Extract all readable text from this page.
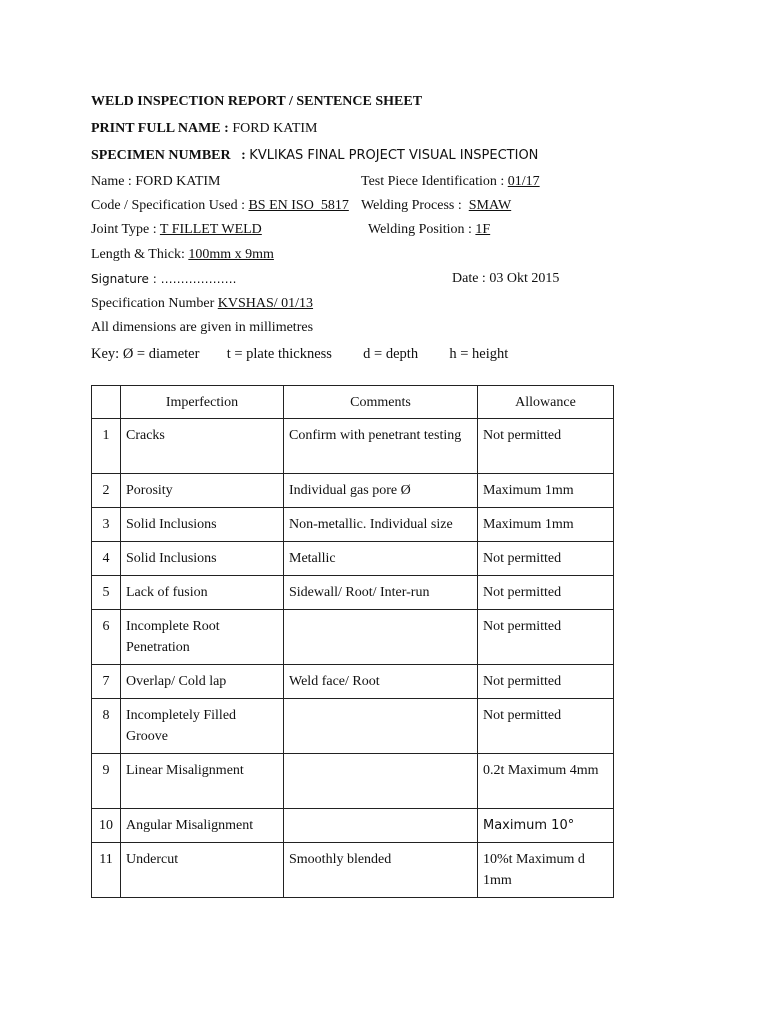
WELD INSPECTION REPORT / SENTENCE SHEET
PRINT FULL NAME : FORD KATIM
SPECIMEN NUMBER : KVLIKAS FINAL PROJECT VISUAL INSPECTION
Name : FORD KATIM	Test Piece Identification : 01/17
Code / Specification Used : BS EN ISO  5817 Welding Process : SMAW
Joint Type : T FILLET WELD	Welding Position : 1F
Length & Thick: 100mm x 9mm
Signature : ……………….	Date : 03 Okt 2015
Specification Number KVSHAS/ 01/13
All dimensions are given in millimetres
Key: Ø = diameter t = plate thickness d = depth h = height
	Imperfection	Comments	Allowance
1	Cracks	Confirm with penetrant testing	Not permitted
2	Porosity	Individual gas pore Ø	Maximum 1mm
3	Solid Inclusions	Non-metallic. Individual size	Maximum 1mm
4	Solid Inclusions	Metallic	Not permitted
5	Lack of fusion	Sidewall/ Root/ Inter-run	Not permitted
6	Incomplete Root Penetration		Not permitted
7	Overlap/ Cold lap	Weld face/ Root	Not permitted
8	Incompletely Filled Groove		Not permitted
9	Linear Misalignment		0.2t Maximum 4mm
10	Angular Misalignment		Maximum 10°
11	Undercut	Smoothly blended	10%t Maximum d 1mm
